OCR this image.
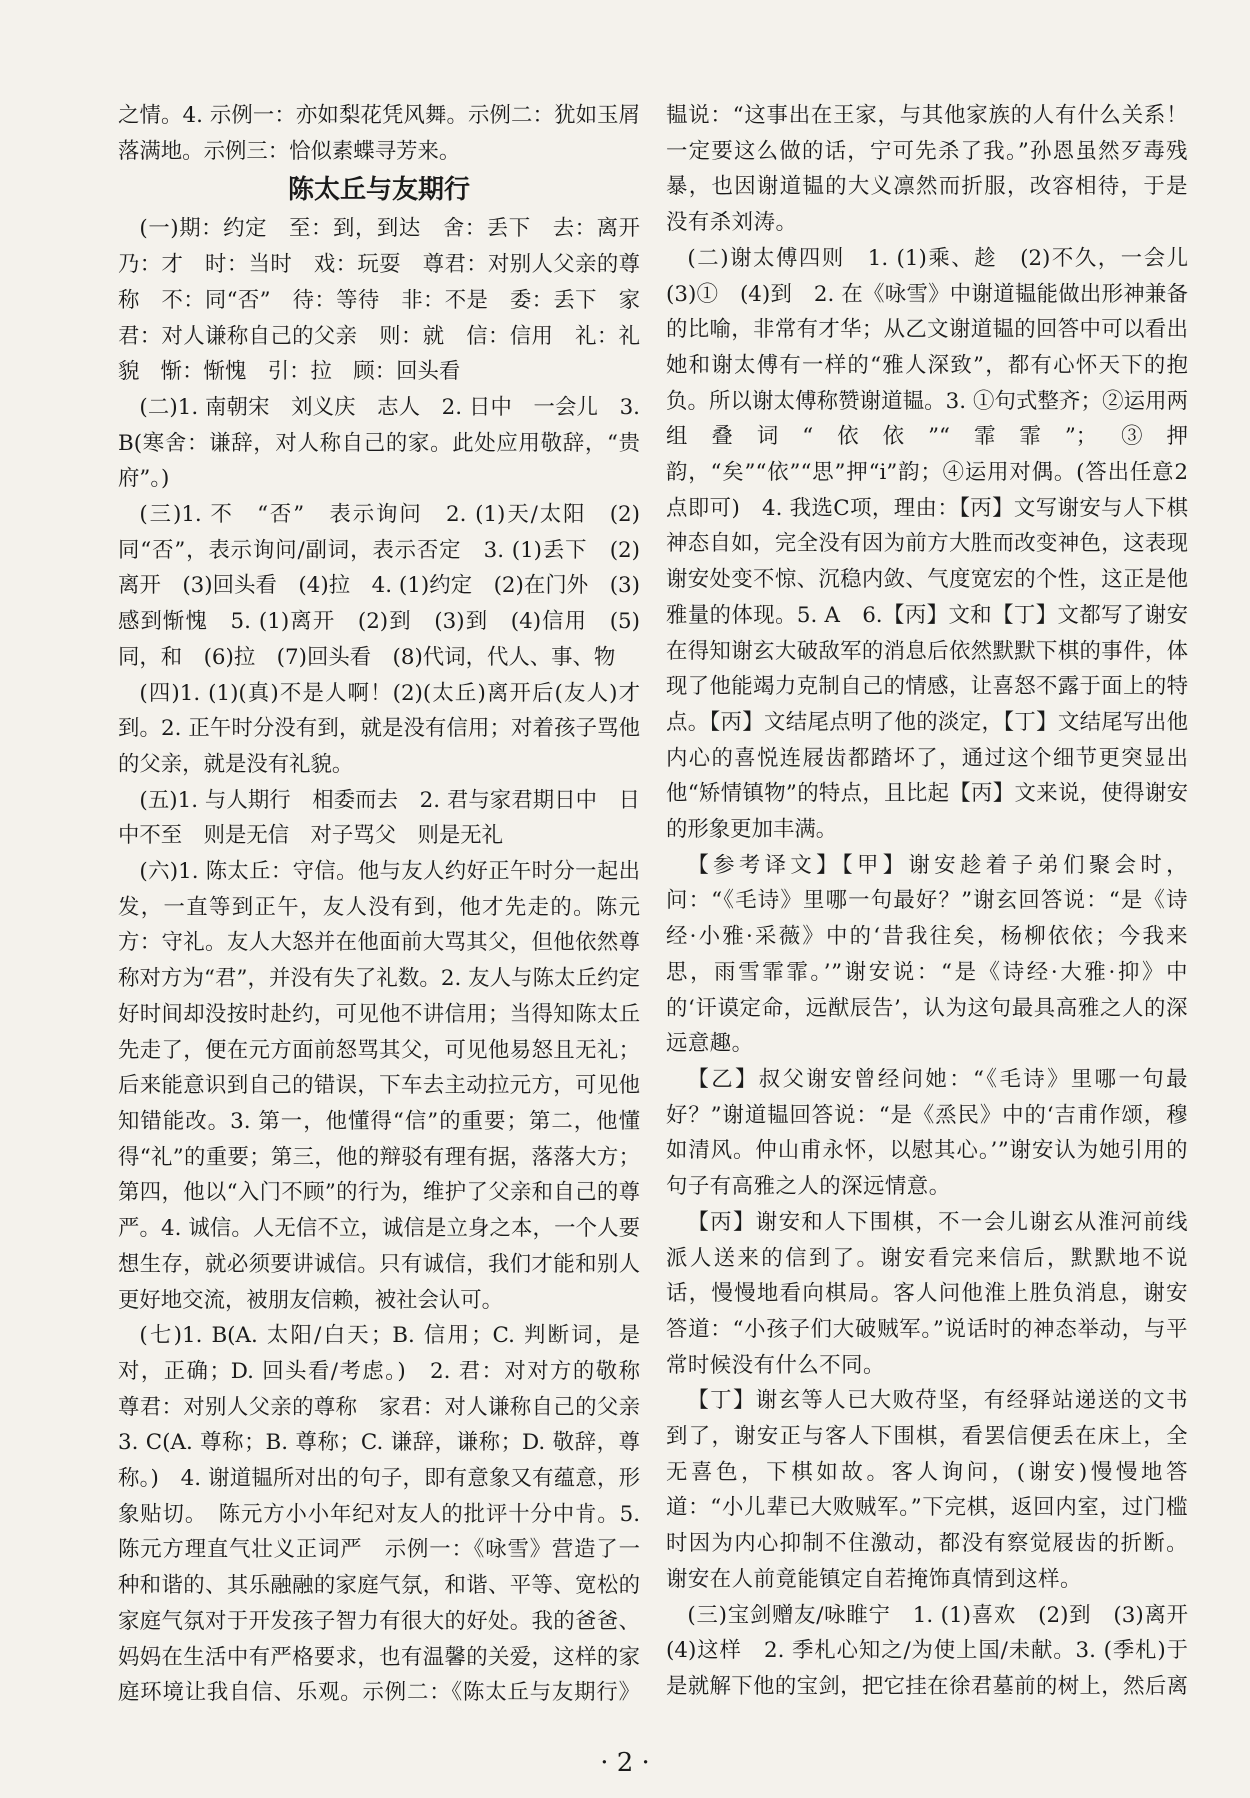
之情。4. 示例一：亦如梨花凭风舞。示例二：犹如玉屑落满地。示例三：恰似素蝶寻芳来。

陈太丘与友期行

(一)期：约定　至：到，到达　舍：丢下　去：离开　乃：才　时：当时　戏：玩耍　尊君：对别人父亲的尊称　不：同“否”　待：等待　非：不是　委：丢下　家君：对人谦称自己的父亲　则：就　信：信用　礼：礼貌　惭：惭愧　引：拉　顾：回头看

(二)1. 南朝宋　刘义庆　志人　2. 日中　一会儿　3. B(寒舍：谦辞，对人称自己的家。此处应用敬辞，“贵府”。)

(三)1. 不　“否”　表示询问　2. (1)天/太阳　(2)同“否”，表示询问/副词，表示否定　3. (1)丢下　(2)离开　(3)回头看　(4)拉　4. (1)约定　(2)在门外　(3)感到惭愧　5. (1)离开　(2)到　(3)到　(4)信用　(5)同，和　(6)拉　(7)回头看　(8)代词，代人、事、物

(四)1. (1)(真)不是人啊！(2)(太丘)离开后(友人)才到。2. 正午时分没有到，就是没有信用；对着孩子骂他的父亲，就是没有礼貌。

(五)1. 与人期行　相委而去　2. 君与家君期日中　日中不至　则是无信　对子骂父　则是无礼

(六)1. 陈太丘：守信。他与友人约好正午时分一起出发，一直等到正午，友人没有到，他才先走的。陈元方：守礼。友人大怒并在他面前大骂其父，但他依然尊称对方为“君”，并没有失了礼数。2. 友人与陈太丘约定好时间却没按时赴约，可见他不讲信用；当得知陈太丘先走了，便在元方面前怒骂其父，可见他易怒且无礼；后来能意识到自己的错误，下车去主动拉元方，可见他知错能改。3. 第一，他懂得“信”的重要；第二，他懂得“礼”的重要；第三，他的辩驳有理有据，落落大方；第四，他以“入门不顾”的行为，维护了父亲和自己的尊严。4. 诚信。人无信不立，诚信是立身之本，一个人要想生存，就必须要讲诚信。只有诚信，我们才能和别人更好地交流，被朋友信赖，被社会认可。

(七)1. B(A. 太阳/白天；B. 信用；C. 判断词，是对，正确；D. 回头看/考虑。)　2. 君：对对方的敬称　尊君：对别人父亲的尊称　家君：对人谦称自己的父亲　3. C(A. 尊称；B. 尊称；C. 谦辞，谦称；D. 敬辞，尊称。)　4. 谢道韫所对出的句子，即有意象又有蕴意，形象贴切。　陈元方小小年纪对友人的批评十分中肯。5. 陈元方理直气壮义正词严　示例一：《咏雪》营造了一种和谐的、其乐融融的家庭气氛，和谐、平等、宽松的家庭气氛对于开发孩子智力有很大的好处。我的爸爸、妈妈在生活中有严格要求，也有温馨的关爱，这样的家庭环境让我自信、乐观。示例二：《陈太丘与友期行》

韫说：“这事出在王家，与其他家族的人有什么关系！一定要这么做的话，宁可先杀了我。”孙恩虽然歹毒残暴，也因谢道韫的大义凛然而折服，改容相待，于是没有杀刘涛。

(二)谢太傅四则　1. (1)乘、趁　(2)不久，一会儿　(3)①　(4)到　2. 在《咏雪》中谢道韫能做出形神兼备的比喻，非常有才华；从乙文谢道韫的回答中可以看出她和谢太傅有一样的“雅人深致”，都有心怀天下的抱负。所以谢太傅称赞谢道韫。3. ①句式整齐；②运用两组叠词“依依”“霏霏”；③押韵，“矣”“依”“思”押“i”韵；④运用对偶。(答出任意2点即可)　4. 我选C项，理由：【丙】文写谢安与人下棋神态自如，完全没有因为前方大胜而改变神色，这表现谢安处变不惊、沉稳内敛、气度宽宏的个性，这正是他雅量的体现。5. A　6.【丙】文和【丁】文都写了谢安在得知谢玄大破敌军的消息后依然默默下棋的事件，体现了他能竭力克制自己的情感，让喜怒不露于面上的特点。【丙】文结尾点明了他的淡定，【丁】文结尾写出他内心的喜悦连屐齿都踏坏了，通过这个细节更突显出他“矫情镇物”的特点，且比起【丙】文来说，使得谢安的形象更加丰满。

【参考译文】【甲】谢安趁着子弟们聚会时，问：“《毛诗》里哪一句最好？”谢玄回答说：“是《诗经·小雅·采薇》中的‘昔我往矣，杨柳依依；今我来思，雨雪霏霏。’”谢安说：“是《诗经·大雅·抑》中的‘讦谟定命，远猷辰告’，认为这句最具高雅之人的深远意趣。

【乙】叔父谢安曾经问她：“《毛诗》里哪一句最好？”谢道韫回答说：“是《烝民》中的‘吉甫作颂，穆如清风。仲山甫永怀，以慰其心。’”谢安认为她引用的句子有高雅之人的深远情意。

【丙】谢安和人下围棋，不一会儿谢玄从淮河前线派人送来的信到了。谢安看完来信后，默默地不说话，慢慢地看向棋局。客人问他淮上胜负消息，谢安答道：“小孩子们大破贼军。”说话时的神态举动，与平常时候没有什么不同。

【丁】谢玄等人已大败苻坚，有经驿站递送的文书到了，谢安正与客人下围棋，看罢信便丢在床上，全无喜色，下棋如故。客人询问，(谢安)慢慢地答道：“小儿辈已大败贼军。”下完棋，返回内室，过门槛时因为内心抑制不住激动，都没有察觉屐齿的折断。谢安在人前竟能镇定自若掩饰真情到这样。

(三)宝剑赠友/咏睢宁　1. (1)喜欢　(2)到　(3)离开　(4)这样　2. 季札心知之/为使上国/未献。3. (季札)于是就解下他的宝剑，把它挂在徐君墓前的树上，然后离 　　

· 2 ·
